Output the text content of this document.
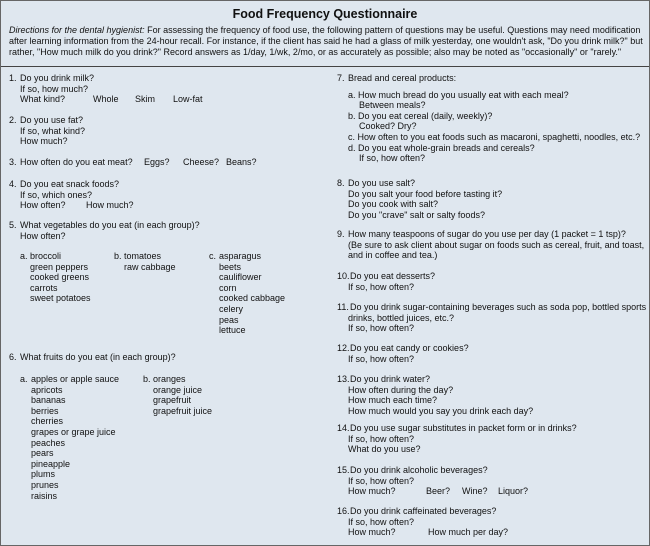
Food Frequency Questionnaire
Directions for the dental hygienist: For assessing the frequency of food use, the following pattern of questions may be useful. Questions may need modification after learning information from the 24-hour recall. For instance, if the client has said he had a glass of milk yesterday, one wouldn't ask, "Do you drink milk?" but rather, "How much milk do you drink?" Record answers as 1/day, 1/wk, 2/mo, or as accurately as possible; also may be noted as "occasionally" or "rarely."
1. Do you drink milk?
If so, how much?
What kind?	Whole Skim Low-fat
2. Do you use fat?
If so, what kind?
How much?
3. How often do you eat meat? Eggs? Cheese? Beans?
4. Do you eat snack foods?
If so, which ones?
How often? How much?
5. What vegetables do you eat (in each group)?
How often?
a. broccoli
green peppers
cooked greens
carrots
sweet potatoes
b. tomatoes
raw cabbage
c. asparagus
beets
cauliflower
corn
cooked cabbage
celery
peas
lettuce
6. What fruits do you eat (in each group)?
a. apples or apple sauce
apricots
bananas
berries
cherries
grapes or grape juice
peaches
pears
pineapple
plums
prunes
raisins
b. oranges
orange juice
grapefruit
grapefruit juice
7. Bread and cereal products:
a. How much bread do you usually eat with each meal?
Between meals?
b. Do you eat cereal (daily, weekly)?
Cooked? Dry?
c. How often to you eat foods such as macaroni, spaghetti, noodles, etc.?
d. Do you eat whole-grain breads and cereals?
If so, how often?
8. Do you use salt?
Do you salt your food before tasting it?
Do you cook with salt?
Do you "crave" salt or salty foods?
9. How many teaspoons of sugar do you use per day (1 packet = 1 tsp)?
(Be sure to ask client about sugar on foods such as cereal, fruit, and toast,
and in coffee and tea.)
10.Do you eat desserts?
If so, how often?
11.Do you drink sugar-containing beverages such as soda pop, bottled sports
drinks, bottled juices, etc.?
If so, how often?
12.Do you eat candy or cookies?
If so, how often?
13.Do you drink water?
How often during the day?
How much each time?
How much would you say you drink each day?
14.Do you use sugar substitutes in packet form or in drinks?
If so, how often?
What do you use?
15.Do you drink alcoholic beverages?
If so, how often?
How much?	Beer? Wine? Liquor?
16.Do you drink caffeinated beverages?
If so, how often?
How much?	How much per day?
